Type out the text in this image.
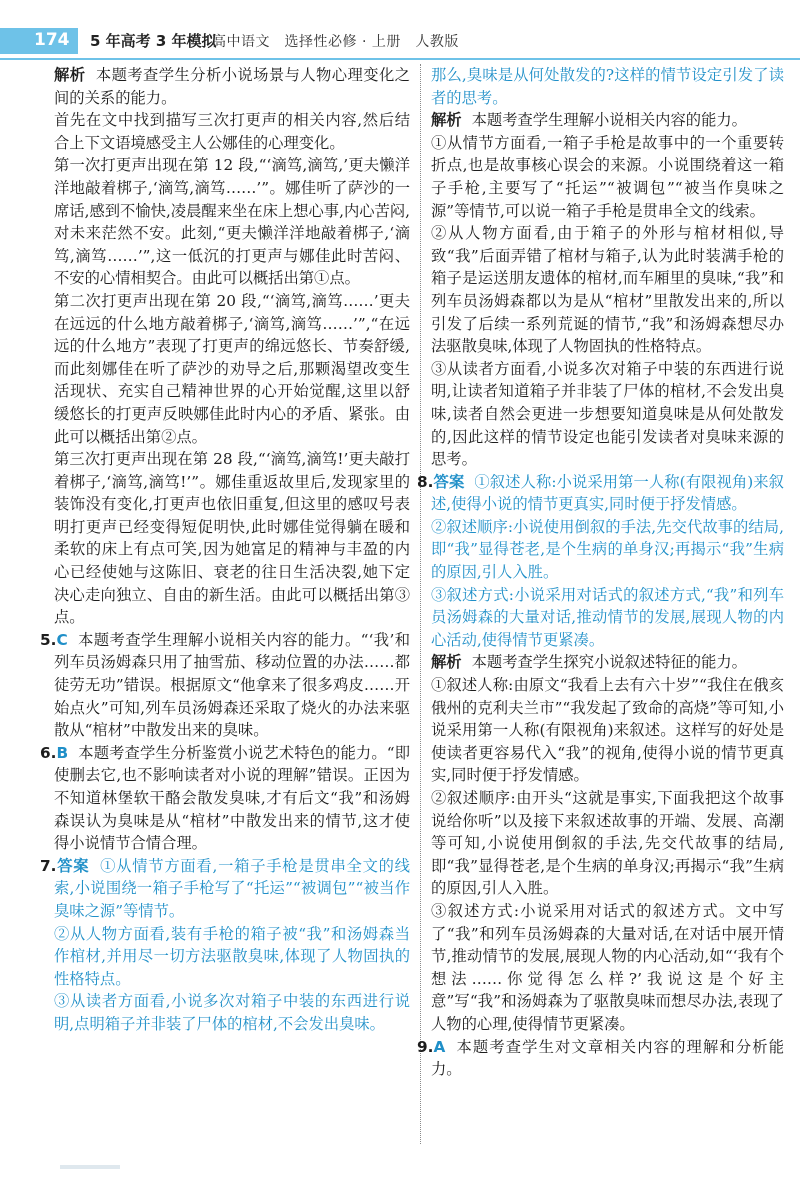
174 5 年高考 3 年模拟
高中语文　选择性必修 · 上册　人教版

解析 本题考查学生分析小说场景与人物心理变化之间的关系的能力。

首先在文中找到描写三次打更声的相关内容,然后结合上下文语境感受主人公娜佳的心理变化。

第一次打更声出现在第 12 段,“‘滴笃,滴笃,’更夫懒洋洋地敲着梆子,‘滴笃,滴笃……’”。娜佳听了萨沙的一席话,感到不愉快,凌晨醒来坐在床上想心事,内心苦闷,对未来茫然不安。此刻,“更夫懒洋洋地敲着梆子,‘滴笃,滴笃……’”,这一低沉的打更声与娜佳此时苦闷、不安的心情相契合。由此可以概括出第①点。

第二次打更声出现在第 20 段,“‘滴笃,滴笃……’更夫在远远的什么地方敲着梆子,‘滴笃,滴笃……’”,“在远远的什么地方”表现了打更声的绵远悠长、节奏舒缓,而此刻娜佳在听了萨沙的劝导之后,那颗渴望改变生活现状、充实自己精神世界的心开始觉醒,这里以舒缓悠长的打更声反映娜佳此时内心的矛盾、紧张。由此可以概括出第②点。

第三次打更声出现在第 28 段,“‘滴笃,滴笃!’更夫敲打着梆子,‘滴笃,滴笃!’”。娜佳重返故里后,发现家里的装饰没有变化,打更声也依旧重复,但这里的感叹号表明打更声已经变得短促明快,此时娜佳觉得躺在暖和柔软的床上有点可笑,因为她富足的精神与丰盈的内心已经使她与这陈旧、衰老的往日生活决裂,她下定决心走向独立、自由的新生活。由此可以概括出第③点。

5.C 本题考查学生理解小说相关内容的能力。“‘我’和列车员汤姆森只用了抽雪茄、移动位置的办法……都徒劳无功”错误。根据原文“他拿来了很多鸡皮……开始点火”可知,列车员汤姆森还采取了烧火的办法来驱散从“棺材”中散发出来的臭味。

6.B 本题考查学生分析鉴赏小说艺术特色的能力。“即使删去它,也不影响读者对小说的理解”错误。正因为不知道林堡软干酪会散发臭味,才有后文“我”和汤姆森误认为臭味是从“棺材”中散发出来的情节,这才使得小说情节合情合理。

7.答案 ①从情节方面看,一箱子手枪是贯串全文的线索,小说围绕一箱子手枪写了“托运”“被调包”“被当作臭味之源”等情节。

②从人物方面看,装有手枪的箱子被“我”和汤姆森当作棺材,并用尽一切方法驱散臭味,体现了人物固执的性格特点。

③从读者方面看,小说多次对箱子中装的东西进行说明,点明箱子并非装了尸体的棺材,不会发出臭味。

那么,臭味是从何处散发的?这样的情节设定引发了读者的思考。

解析 本题考查学生理解小说相关内容的能力。

①从情节方面看,一箱子手枪是故事中的一个重要转折点,也是故事核心误会的来源。小说围绕着这一箱子手枪,主要写了“托运”“被调包”“被当作臭味之源”等情节,可以说一箱子手枪是贯串全文的线索。

②从人物方面看,由于箱子的外形与棺材相似,导致“我”后面弄错了棺材与箱子,认为此时装满手枪的箱子是运送朋友遗体的棺材,而车厢里的臭味,“我”和列车员汤姆森都以为是从“棺材”里散发出来的,所以引发了后续一系列荒诞的情节,“我”和汤姆森想尽办法驱散臭味,体现了人物固执的性格特点。

③从读者方面看,小说多次对箱子中装的东西进行说明,让读者知道箱子并非装了尸体的棺材,不会发出臭味,读者自然会更进一步想要知道臭味是从何处散发的,因此这样的情节设定也能引发读者对臭味来源的思考。

8.答案 ①叙述人称:小说采用第一人称(有限视角)来叙述,使得小说的情节更真实,同时便于抒发情感。

②叙述顺序:小说使用倒叙的手法,先交代故事的结局,即“我”显得苍老,是个生病的单身汉;再揭示“我”生病的原因,引人入胜。

③叙述方式:小说采用对话式的叙述方式,“我”和列车员汤姆森的大量对话,推动情节的发展,展现人物的内心活动,使得情节更紧凑。

解析 本题考查学生探究小说叙述特征的能力。

①叙述人称:由原文“我看上去有六十岁”“我住在俄亥俄州的克利夫兰市”“我发起了致命的高烧”等可知,小说采用第一人称(有限视角)来叙述。这样写的好处是使读者更容易代入“我”的视角,使得小说的情节更真实,同时便于抒发情感。

②叙述顺序:由开头“这就是事实,下面我把这个故事说给你听”以及接下来叙述故事的开端、发展、高潮等可知,小说使用倒叙的手法,先交代故事的结局,即“我”显得苍老,是个生病的单身汉;再揭示“我”生病的原因,引人入胜。

③叙述方式:小说采用对话式的叙述方式。文中写了“我”和列车员汤姆森的大量对话,在对话中展开情节,推动情节的发展,展现人物的内心活动,如“‘我有个想法……你觉得怎么样?’我说这是个好主意”写“我”和汤姆森为了驱散臭味而想尽办法,表现了人物的心理,使得情节更紧凑。

9.A 本题考查学生对文章相关内容的理解和分析能力。
